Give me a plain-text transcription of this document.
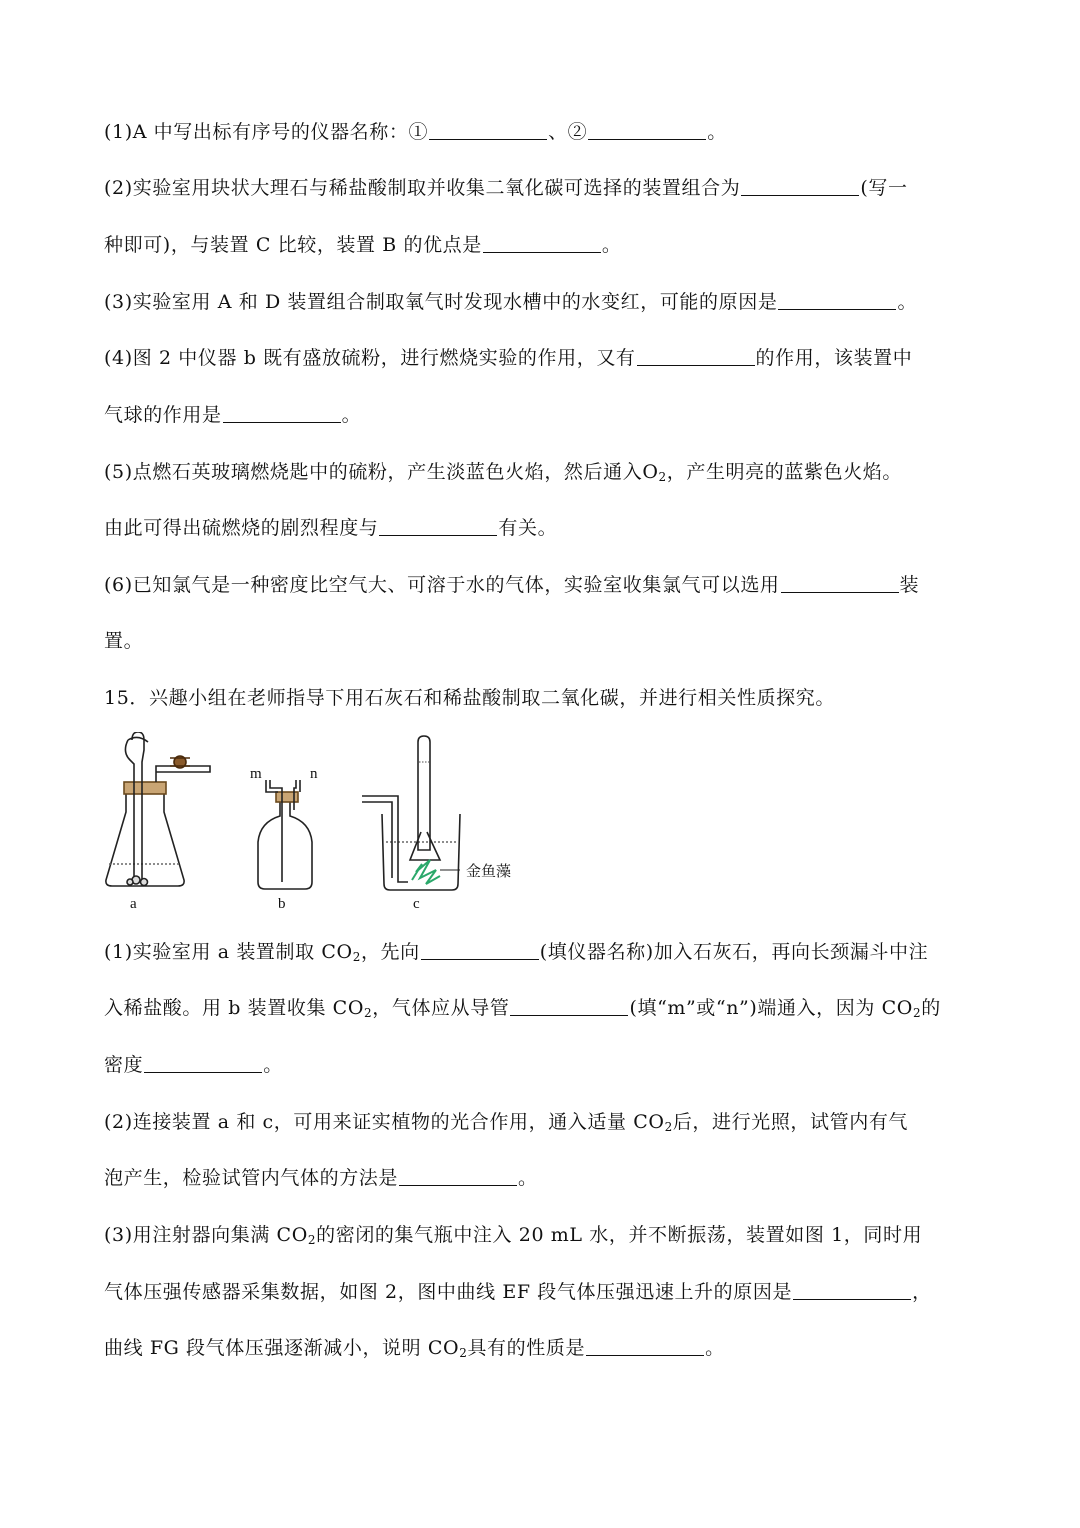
(1)A 中写出标有序号的仪器名称：①	、②	。
(2)实验室用块状大理石与稀盐酸制取并收集二氧化碳可选择的装置组合为	(写一
种即可)，与装置 C 比较，装置 B 的优点是	。
(3)实验室用 A 和 D 装置组合制取氧气时发现水槽中的水变红，可能的原因是	。
(4)图 2 中仪器 b 既有盛放硫粉，进行燃烧实验的作用，又有	的作用，该装置中
气球的作用是	。
(5)点燃石英玻璃燃烧匙中的硫粉，产生淡蓝色火焰，然后通入$O_2$，产生明亮的蓝紫色火焰。
由此可得出硫燃烧的剧烈程度与	有关。
(6)已知氯气是一种密度比空气大、可溶于水的气体，实验室收集氯气可以选用	装
置。
15．兴趣小组在老师指导下用石灰石和稀盐酸制取二氧化碳，并进行相关性质探究。
a
m	n
b
金鱼藻
c
(1)实验室用 a 装置制取 $CO_2$，先向	(填仪器名称)加入石灰石，再向长颈漏斗中注
入稀盐酸。用 b 装置收集 $CO_2$，气体应从导管	(填“m”或“n”)端通入，因为 $CO_2$的
密度	。
(2)连接装置 a 和 c，可用来证实植物的光合作用，通入适量 $CO_2$后，进行光照，试管内有气
泡产生，检验试管内气体的方法是	。
(3)用注射器向集满 $CO_2$的密闭的集气瓶中注入 20 mL 水，并不断振荡，装置如图 1，同时用
气体压强传感器采集数据，如图 2，图中曲线 EF 段气体压强迅速上升的原因是	，
曲线 FG 段气体压强逐渐减小，说明 $CO_2$具有的性质是	。
